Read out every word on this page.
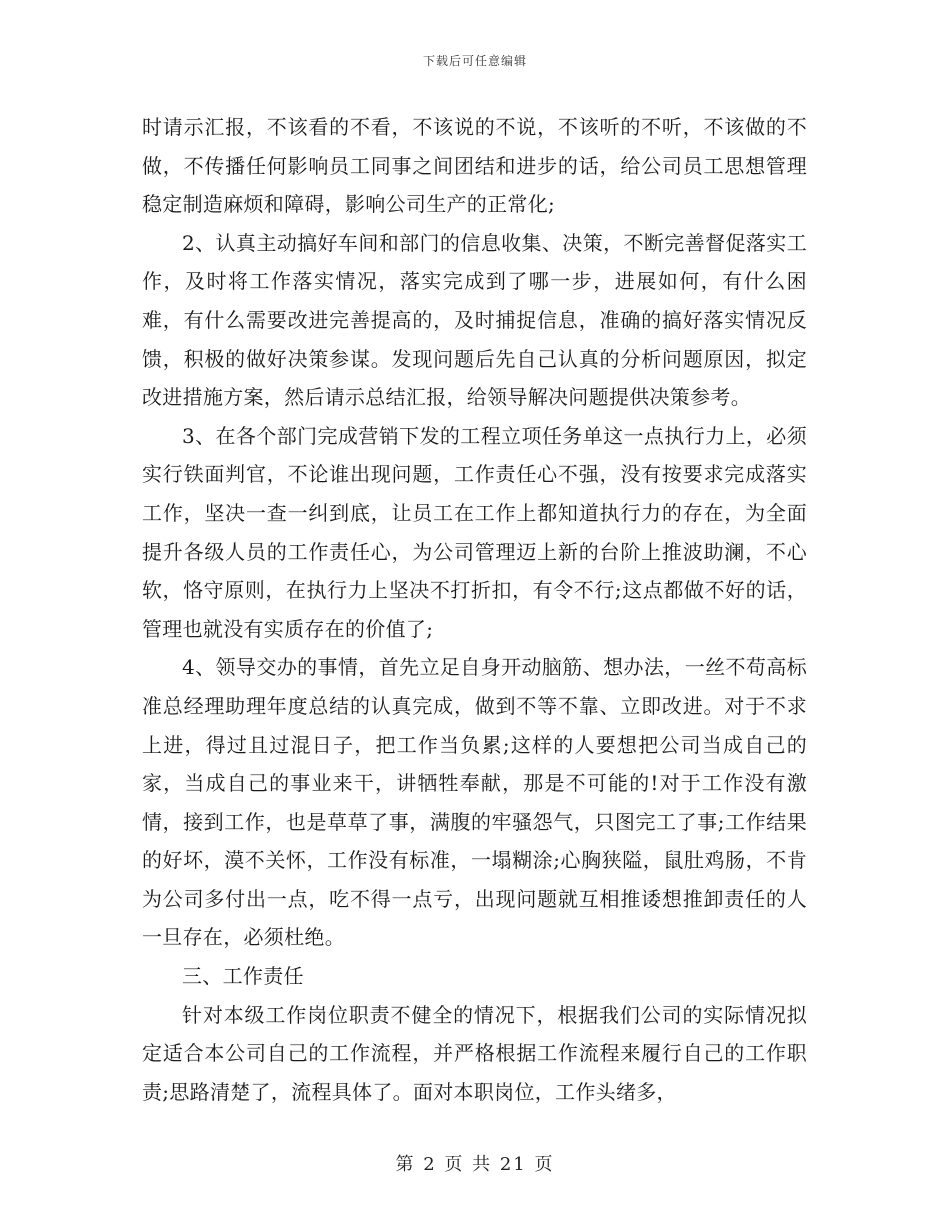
下载后可任意编辑

时请示汇报，不该看的不看，不该说的不说，不该听的不听，不该做的不做，不传播任何影响员工同事之间团结和进步的话，给公司员工思想管理稳定制造麻烦和障碍，影响公司生产的正常化;

2、认真主动搞好车间和部门的信息收集、决策，不断完善督促落实工作，及时将工作落实情况，落实完成到了哪一步，进展如何，有什么困难，有什么需要改进完善提高的，及时捕捉信息，准确的搞好落实情况反馈，积极的做好决策参谋。发现问题后先自己认真的分析问题原因，拟定改进措施方案，然后请示总结汇报，给领导解决问题提供决策参考。

3、在各个部门完成营销下发的工程立项任务单这一点执行力上，必须实行铁面判官，不论谁出现问题，工作责任心不强，没有按要求完成落实工作，坚决一查一纠到底，让员工在工作上都知道执行力的存在，为全面提升各级人员的工作责任心，为公司管理迈上新的台阶上推波助澜，不心软，恪守原则，在执行力上坚决不打折扣，有令不行;这点都做不好的话，管理也就没有实质存在的价值了;

4、领导交办的事情，首先立足自身开动脑筋、想办法，一丝不苟高标准总经理助理年度总结的认真完成，做到不等不靠、立即改进。对于不求上进，得过且过混日子，把工作当负累;这样的人要想把公司当成自己的家，当成自己的事业来干，讲牺牲奉献，那是不可能的!对于工作没有激情，接到工作，也是草草了事，满腹的牢骚怨气，只图完工了事;工作结果的好坏，漠不关怀，工作没有标准，一塌糊涂;心胸狭隘，鼠肚鸡肠，不肯为公司多付出一点，吃不得一点亏，出现问题就互相推诿想推卸责任的人一旦存在，必须杜绝。

三、工作责任

针对本级工作岗位职责不健全的情况下，根据我们公司的实际情况拟定适合本公司自己的工作流程，并严格根据工作流程来履行自己的工作职责;思路清楚了，流程具体了。面对本职岗位，工作头绪多，

第 2 页 共 21 页
